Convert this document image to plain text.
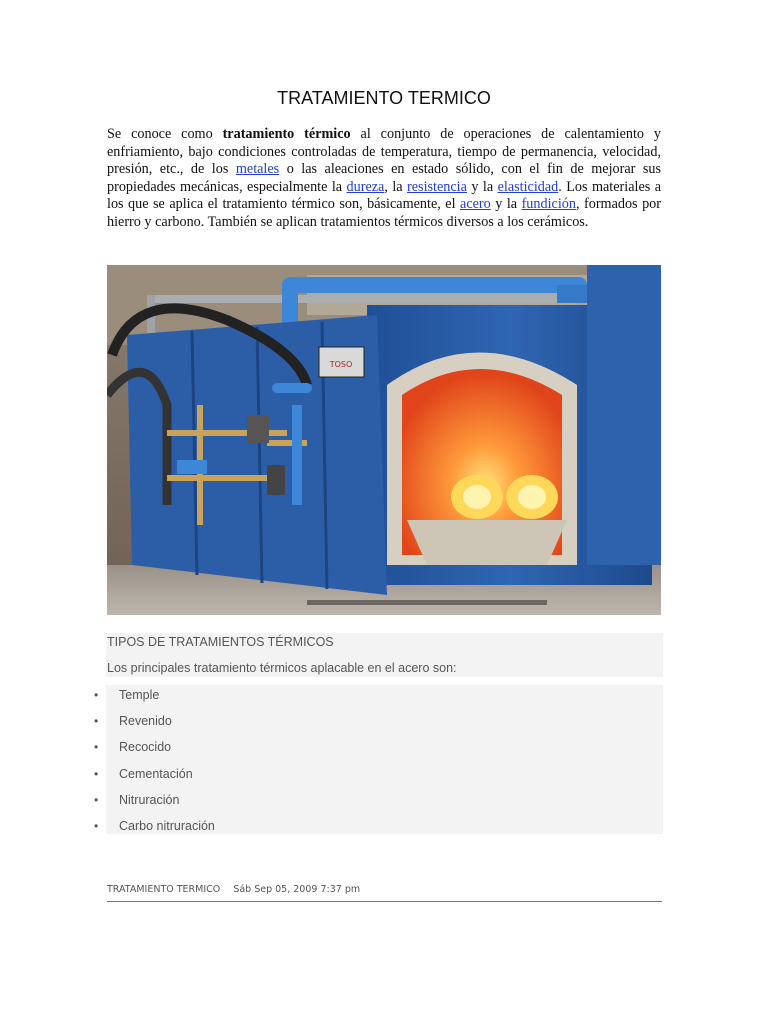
TRATAMIENTO TERMICO
Se conoce como tratamiento térmico al conjunto de operaciones de calentamiento y enfriamiento, bajo condiciones controladas de temperatura, tiempo de permanencia, velocidad, presión, etc., de los metales o las aleaciones en estado sólido, con el fin de mejorar sus propiedades mecánicas, especialmente la dureza, la resistencia y la elasticidad. Los materiales a los que se aplica el tratamiento térmico son, básicamente, el acero y la fundición, formados por hierro y carbono. También se aplican tratamientos térmicos diversos a los cerámicos.
TOSO
TIPOS DE TRATAMIENTOS TÉRMICOS
Los principales tratamiento térmicos aplacable en el acero son:
• Temple
• Revenido
• Recocido
• Cementación
• Nitruración
• Carbo nitruración
TRATAMIENTO TERMICO Sáb Sep 05, 2009 7:37 pm
